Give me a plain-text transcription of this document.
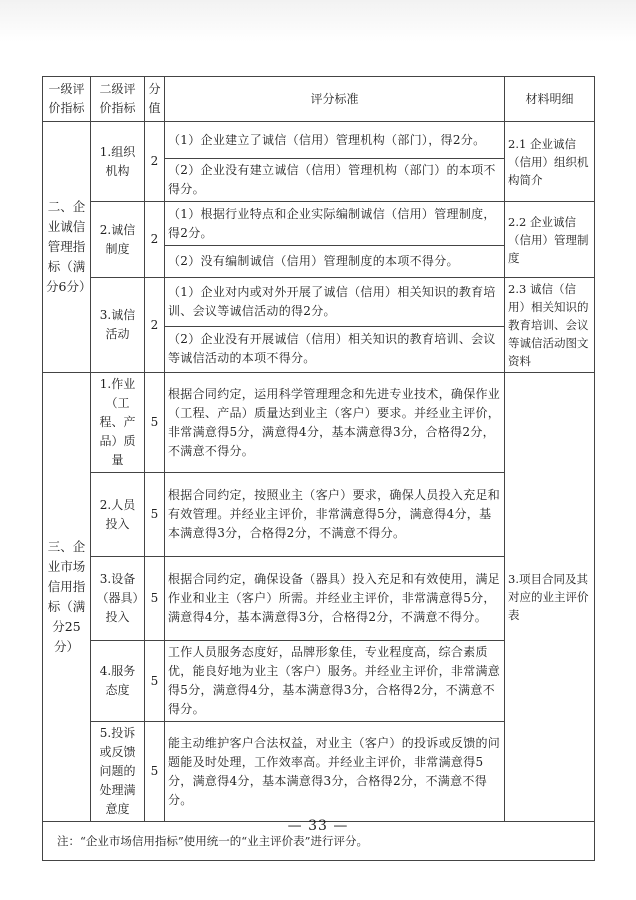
一级评价指标	二级评价指标	分值	评分标准	材料明细
二、企业诚信管理指标（满分6分）	1.组织机构	2	（1）企业建立了诚信（信用）管理机构（部门），得2分。	2.1 企业诚信（信用）组织机构简介
			（2）企业没有建立诚信（信用）管理机构（部门）的本项不得分。	
	2.诚信制度	2	（1）根据行业特点和企业实际编制诚信（信用）管理制度，得2分。	2.2 企业诚信（信用）管理制度
			（2）没有编制诚信（信用）管理制度的本项不得分。	
	3.诚信活动	2	（1）企业对内或对外开展了诚信（信用）相关知识的教育培训、会议等诚信活动的得2分。	2.3 诚信（信用）相关知识的教育培训、会议等诚信活动图文资料
			（2）企业没有开展诚信（信用）相关知识的教育培训、会议等诚信活动的本项不得分。	
三、企业市场信用指标（满分25分）	1.作业（工程、产品）质量	5	根据合同约定，运用科学管理理念和先进专业技术，确保作业（工程、产品）质量达到业主（客户）要求。并经业主评价，非常满意得5分，满意得4分，基本满意得3分，合格得2分，不满意不得分。	3.项目合同及其对应的业主评价表
	2.人员投入	5	根据合同约定，按照业主（客户）要求，确保人员投入充足和有效管理。并经业主评价，非常满意得5分，满意得4分，基本满意得3分，合格得2分，不满意不得分。	
	3.设备（器具）投入	5	根据合同约定，确保设备（器具）投入充足和有效使用，满足作业和业主（客户）所需。并经业主评价，非常满意得5分，满意得4分，基本满意得3分，合格得2分，不满意不得分。	
	4.服务态度	5	工作人员服务态度好，品牌形象佳，专业程度高，综合素质优，能良好地为业主（客户）服务。并经业主评价，非常满意得5分，满意得4分，基本满意得3分，合格得2分，不满意不得分。	
	5.投诉或反馈问题的处理满意度	5	能主动维护客户合法权益，对业主（客户）的投诉或反馈的问题能及时处理，工作效率高。并经业主评价，非常满意得5分，满意得4分，基本满意得3分，合格得2分，不满意不得分。	
注：“企业市场信用指标”使用统一的“业主评价表”进行评分。				
— 33 —
